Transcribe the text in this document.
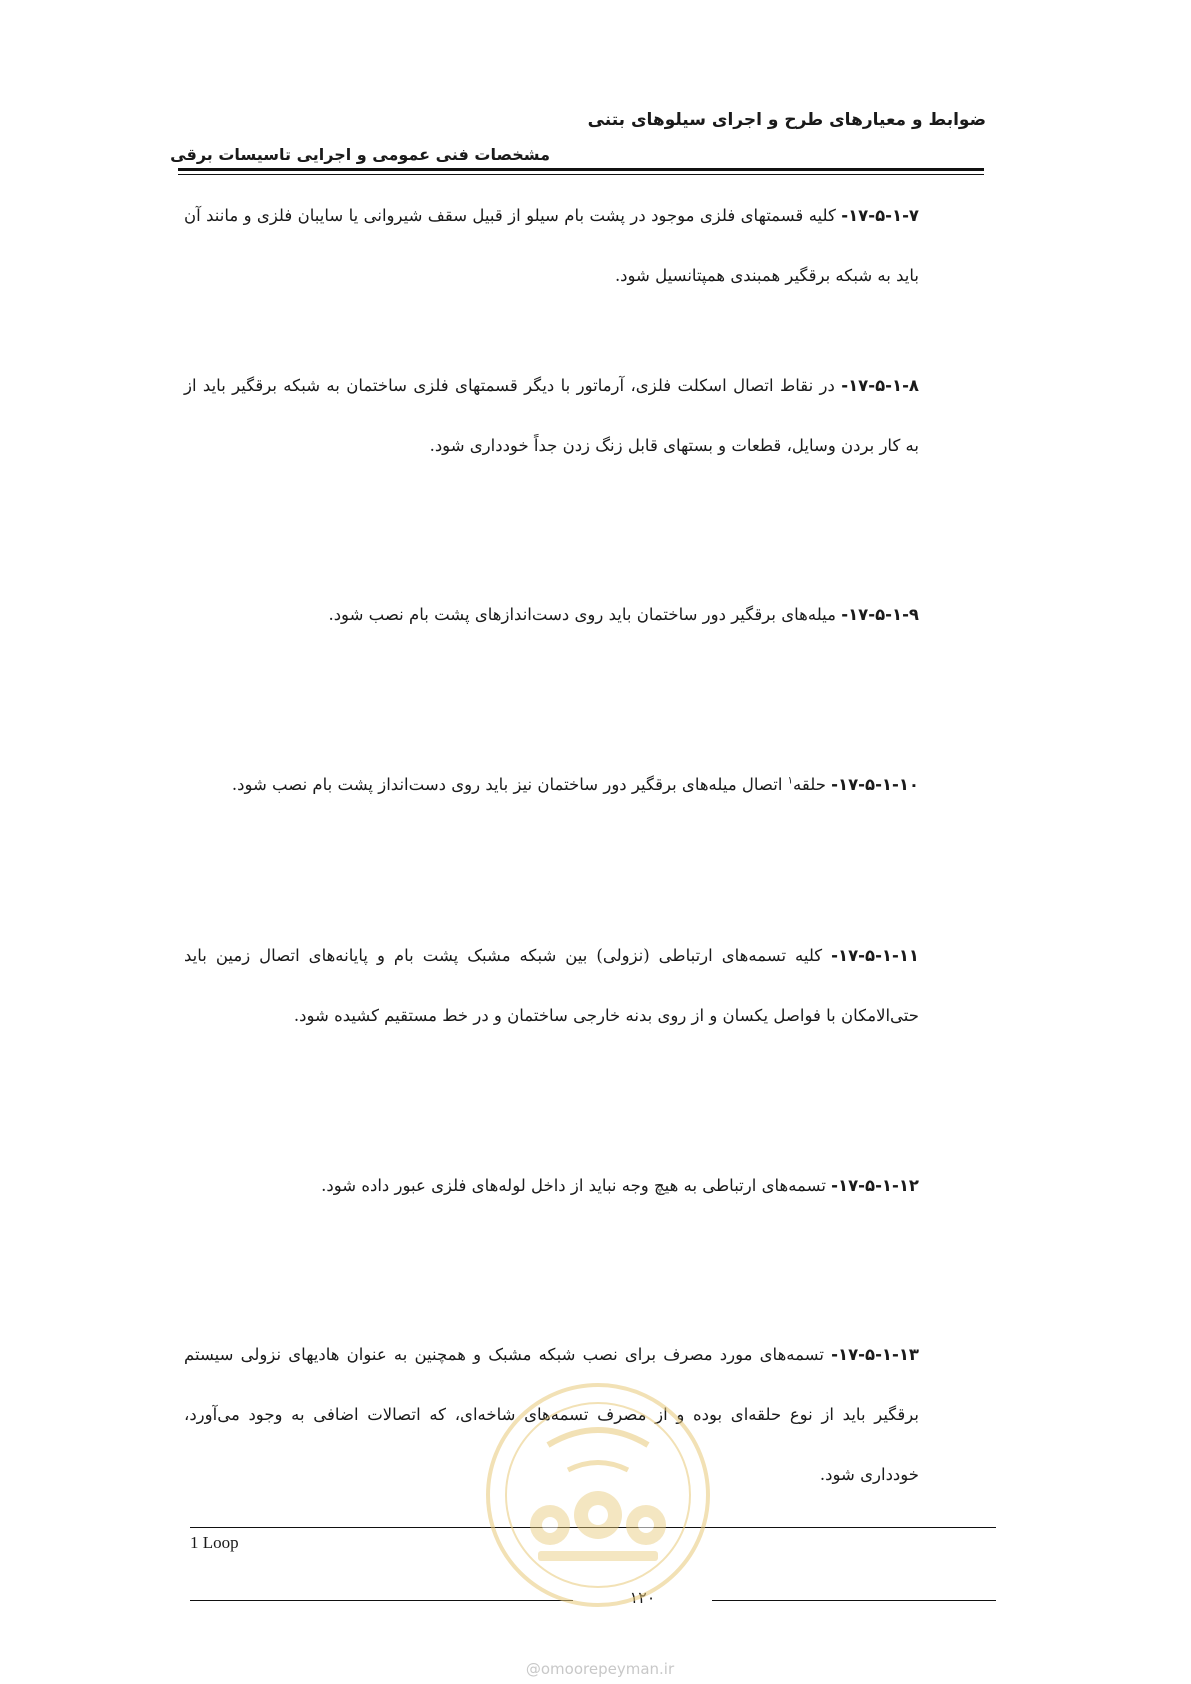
ضوابط و معیارهای طرح و اجرای سیلوهای بتنی
مشخصات فنی عمومی و اجرایی تاسیسات برقی
۱۷-۵-۱-۷- کلیه قسمتهای فلزی موجود در پشت بام سیلو از قبیل سقف شیروانی یا سایبان فلزی و مانند آن باید به شبکه برقگیر همبندی همپتانسیل شود.
۱۷-۵-۱-۸- در نقاط اتصال اسکلت فلزی، آرماتور با دیگر قسمتهای فلزی ساختمان به شبکه برقگیر باید از به کار بردن وسایل، قطعات و بستهای قابل زنگ زدن جداً خودداری شود.
۱۷-۵-۱-۹- میله‌های برقگیر دور ساختمان باید روی دست‌اندازهای پشت بام نصب شود.
۱۷-۵-۱-۱۰- حلقه$^۱$ اتصال میله‌های برقگیر دور ساختمان نیز باید روی دست‌انداز پشت بام نصب شود.
۱۷-۵-۱-۱۱- کلیه تسمه‌های ارتباطی (نزولی) بین شبکه مشبک پشت بام و پایانه‌های اتصال زمین باید حتی‌الامکان با فواصل یکسان و از روی بدنه خارجی ساختمان و در خط مستقیم کشیده شود.
۱۷-۵-۱-۱۲- تسمه‌های ارتباطی به هیچ وجه نباید از داخل لوله‌های فلزی عبور داده شود.
۱۷-۵-۱-۱۳- تسمه‌های مورد مصرف برای نصب شبکه مشبک و همچنین به عنوان هادیهای نزولی سیستم برقگیر باید از نوع حلقه‌ای بوده و از مصرف تسمه‌های شاخه‌ای، که اتصالات اضافی به وجود می‌آورد، خودداری شود.
1 Loop
۱۲۰
@omoorepeyman.ir
